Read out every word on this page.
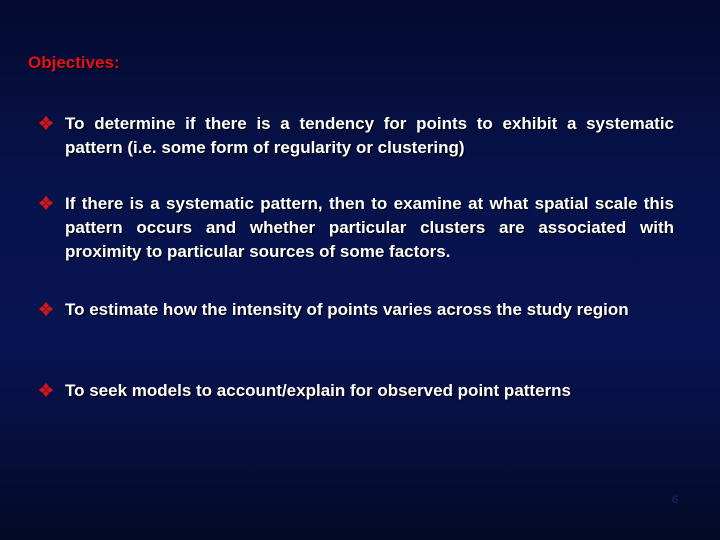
Objectives:
To determine if there is a tendency for points to exhibit a systematic pattern (i.e. some form of regularity or clustering)
If there is a systematic pattern, then to examine at what spatial scale this pattern occurs and whether particular clusters are associated with proximity to particular sources of some factors.
To estimate how the intensity of points varies across the study region
To seek models to account/explain for observed point patterns
6
